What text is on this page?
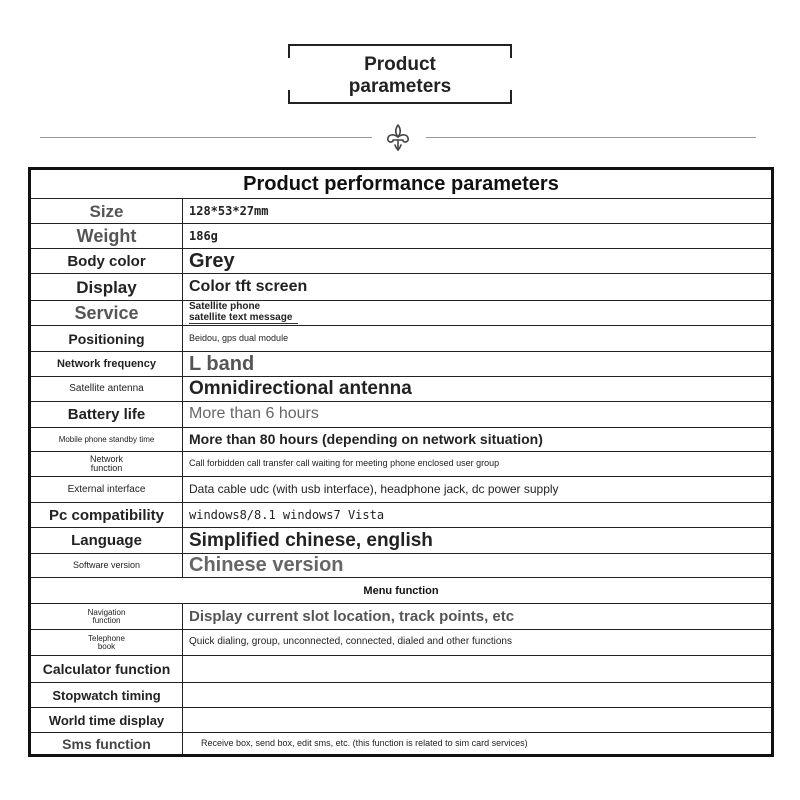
Product
parameters
Product performance parameters
Size	128*53*27mm
Weight	186g
Body color	Grey
Display	Color tft screen
Service	Satellite phone
satellite text message
Positioning	Beidou, gps dual module
Network frequency	L band
Satellite antenna	Omnidirectional antenna
Battery life	More than 6 hours
Mobile phone standby time	More than 80 hours (depending on network situation)
Network
function	Call forbidden call transfer call waiting for meeting phone enclosed user group
External interface	Data cable udc (with usb interface), headphone jack, dc power supply
Pc compatibility	windows8/8.1 windows7 Vista
Language	Simplified chinese, english
Software version	Chinese version
Menu function
Navigation
function	Display current slot location, track points, etc
Telephone
book	Quick dialing, group, unconnected, connected, dialed and other functions
Calculator function
Stopwatch timing
World time display
Sms function	Receive box, send box, edit sms, etc. (this function is related to sim card services)
